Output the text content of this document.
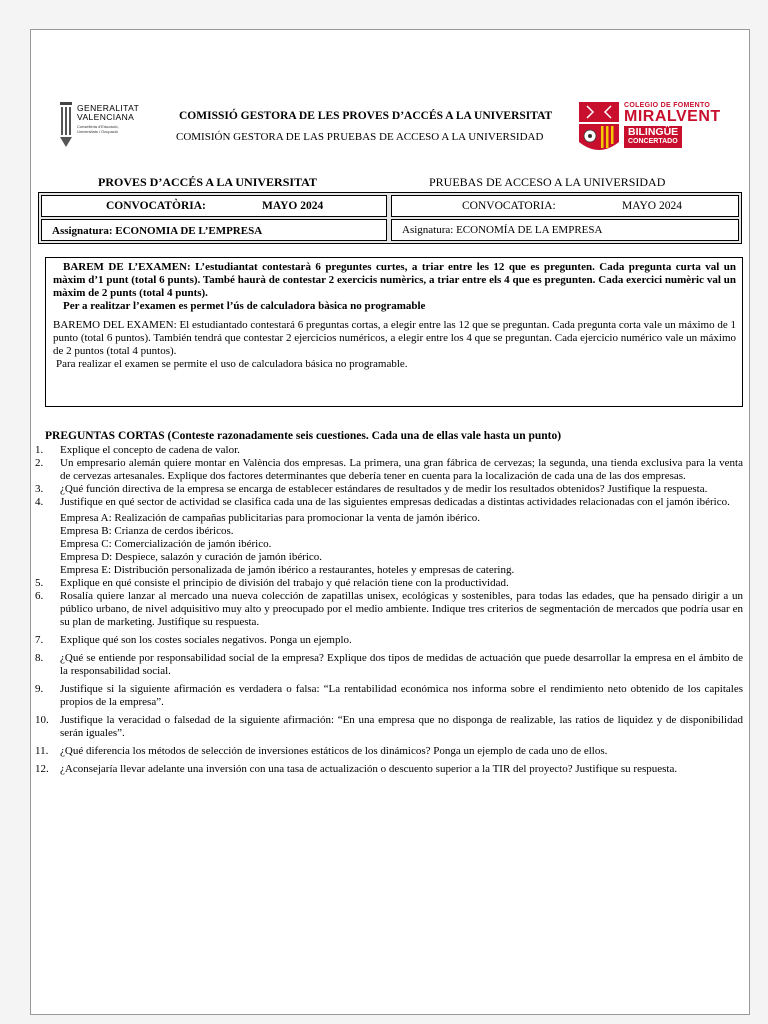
GENERALITAT
VALENCIANA
Conselleria d'Educació, Universitats i Ocupació
COMISSIÓ GESTORA DE LES PROVES D’ACCÉS A LA UNIVERSITAT
COMISIÓN GESTORA DE LAS PRUEBAS DE ACCESO A LA UNIVERSIDAD
COLEGIO DE FOMENTO
MIRALVENT
BILINGÜE
CONCERTADO
PROVES D’ACCÉS A LA UNIVERSITAT	PRUEBAS DE ACCESO A LA UNIVERSIDAD
CONVOCATÒRIA:	MAYO 2024	CONVOCATORIA:	MAYO 2024
Assignatura: ECONOMIA DE L’EMPRESA	Asignatura: ECONOMÍA DE LA EMPRESA

BAREM DE L’EXAMEN: L’estudiantat contestarà 6 preguntes curtes, a triar entre les 12 que es pregunten. Cada pregunta curta val un màxim d’1 punt (total 6 punts). També haurà de contestar 2 exercicis numèrics, a triar entre els 4 que es pregunten. Cada exercici numèric val un màxim de 2 punts (total 4 punts).

Per a realitzar l’examen es permet l’ús de calculadora bàsica no programable

BAREMO DEL EXAMEN: El estudiantado contestará 6 preguntas cortas, a elegir entre las 12 que se preguntan. Cada pregunta corta vale un máximo de 1 punto (total 6 puntos). También tendrá que contestar 2 ejercicios numéricos, a elegir entre los 4 que se preguntan. Cada ejercicio numérico vale un máximo de 2 puntos (total 4 puntos).

Para realizar el examen se permite el uso de calculadora básica no programable.

PREGUNTAS CORTAS (Conteste razonadamente seis cuestiones. Cada una de ellas vale hasta un punto)

1. Explique el concepto de cadena de valor.

2. Un empresario alemán quiere montar en València dos empresas. La primera, una gran fábrica de cervezas; la segunda, una tienda exclusiva para la venta de cervezas artesanales. Explique dos factores determinantes que debería tener en cuenta para la localización de cada una de las dos empresas.

3. ¿Qué función directiva de la empresa se encarga de establecer estándares de resultados y de medir los resultados obtenidos? Justifique la respuesta.

4. Justifique en qué sector de actividad se clasifica cada una de las siguientes empresas dedicadas a distintas actividades relacionadas con el jamón ibérico.

Empresa A: Realización de campañas publicitarias para promocionar la venta de jamón ibérico.

Empresa B: Crianza de cerdos ibéricos.

Empresa C: Comercialización de jamón ibérico.

Empresa D: Despiece, salazón y curación de jamón ibérico.

Empresa E: Distribución personalizada de jamón ibérico a restaurantes, hoteles y empresas de catering.

5. Explique en qué consiste el principio de división del trabajo y qué relación tiene con la productividad.

6. Rosalía quiere lanzar al mercado una nueva colección de zapatillas unisex, ecológicas y sostenibles, para todas las edades, que ha pensado dirigir a un público urbano, de nivel adquisitivo muy alto y preocupado por el medio ambiente. Indique tres criterios de segmentación de mercados que podría usar en su plan de marketing. Justifique su respuesta.

7. Explique qué son los costes sociales negativos. Ponga un ejemplo.

8. ¿Qué se entiende por responsabilidad social de la empresa? Explique dos tipos de medidas de actuación que puede desarrollar la empresa en el ámbito de la responsabilidad social.

9. Justifique si la siguiente afirmación es verdadera o falsa: “La rentabilidad económica nos informa sobre el rendimiento neto obtenido de los capitales propios de la empresa”.

10. Justifique la veracidad o falsedad de la siguiente afirmación: “En una empresa que no disponga de realizable, las ratios de liquidez y de disponibilidad serán iguales”.

11. ¿Qué diferencia los métodos de selección de inversiones estáticos de los dinámicos? Ponga un ejemplo de cada uno de ellos.

12. ¿Aconsejaría llevar adelante una inversión con una tasa de actualización o descuento superior a la TIR del proyecto? Justifique su respuesta.
